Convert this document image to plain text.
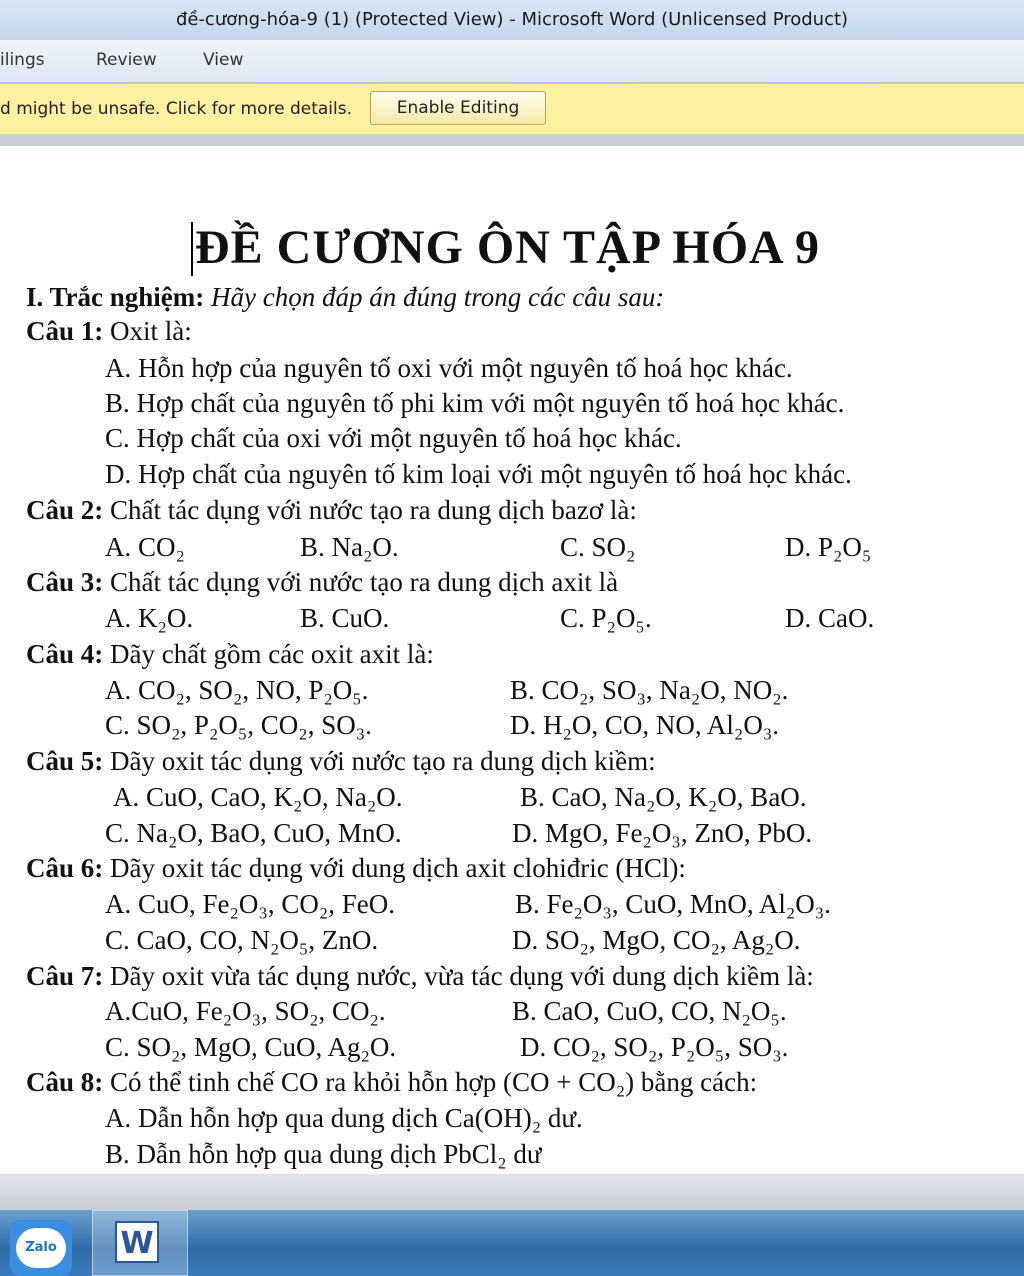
đề-cương-hóa-9 (1) (Protected View) - Microsoft Word (Unlicensed Product)
ilings	Review	View
d might be unsafe. Click for more details.	Enable Editing
ĐỀ CƯƠNG ÔN TẬP HÓA 9
I. Trắc nghiệm: Hãy chọn đáp án đúng trong các câu sau:
Câu 1: Oxit là:
A. Hỗn hợp của nguyên tố oxi với một nguyên tố hoá học khác.
B. Hợp chất của nguyên tố phi kim với một nguyên tố hoá học khác.
C. Hợp chất của oxi với một nguyên tố hoá học khác.
D. Hợp chất của nguyên tố kim loại với một nguyên tố hoá học khác.
Câu 2: Chất tác dụng với nước tạo ra dung dịch bazơ là:
A. CO₂	B. Na₂O.	C. SO₂	D. P₂O₅
Câu 3: Chất tác dụng với nước tạo ra dung dịch axit là
A. K₂O.	B. CuO.	C. P₂O₅.	D. CaO.
Câu 4: Dãy chất gồm các oxit axit là:
A. CO₂, SO₂, NO, P₂O₅.	B. CO₂, SO₃, Na₂O, NO₂.
C. SO₂, P₂O₅, CO₂, SO₃.	D. H₂O, CO, NO, Al₂O₃.
Câu 5: Dãy oxit tác dụng với nước tạo ra dung dịch kiềm:
A. CuO, CaO, K₂O, Na₂O.	B. CaO, Na₂O, K₂O, BaO.
C. Na₂O, BaO, CuO, MnO.	D. MgO, Fe₂O₃, ZnO, PbO.
Câu 6: Dãy oxit tác dụng với dung dịch axit clohiđric (HCl):
A. CuO, Fe₂O₃, CO₂, FeO.	B. Fe₂O₃, CuO, MnO, Al₂O₃.
C. CaO, CO, N₂O₅, ZnO.	D. SO₂, MgO, CO₂, Ag₂O.
Câu 7: Dãy oxit vừa tác dụng nước, vừa tác dụng với dung dịch kiềm là:
A.CuO, Fe₂O₃, SO₂, CO₂.	B. CaO, CuO, CO, N₂O₅.
C. SO₂, MgO, CuO, Ag₂O.	D. CO₂, SO₂, P₂O₅, SO₃.
Câu 8: Có thể tinh chế CO ra khỏi hỗn hợp (CO + CO₂) bằng cách:
A. Dẫn hỗn hợp qua dung dịch Ca(OH)₂ dư.
B. Dẫn hỗn hợp qua dung dịch PbCl₂ dư
Zalo	W
